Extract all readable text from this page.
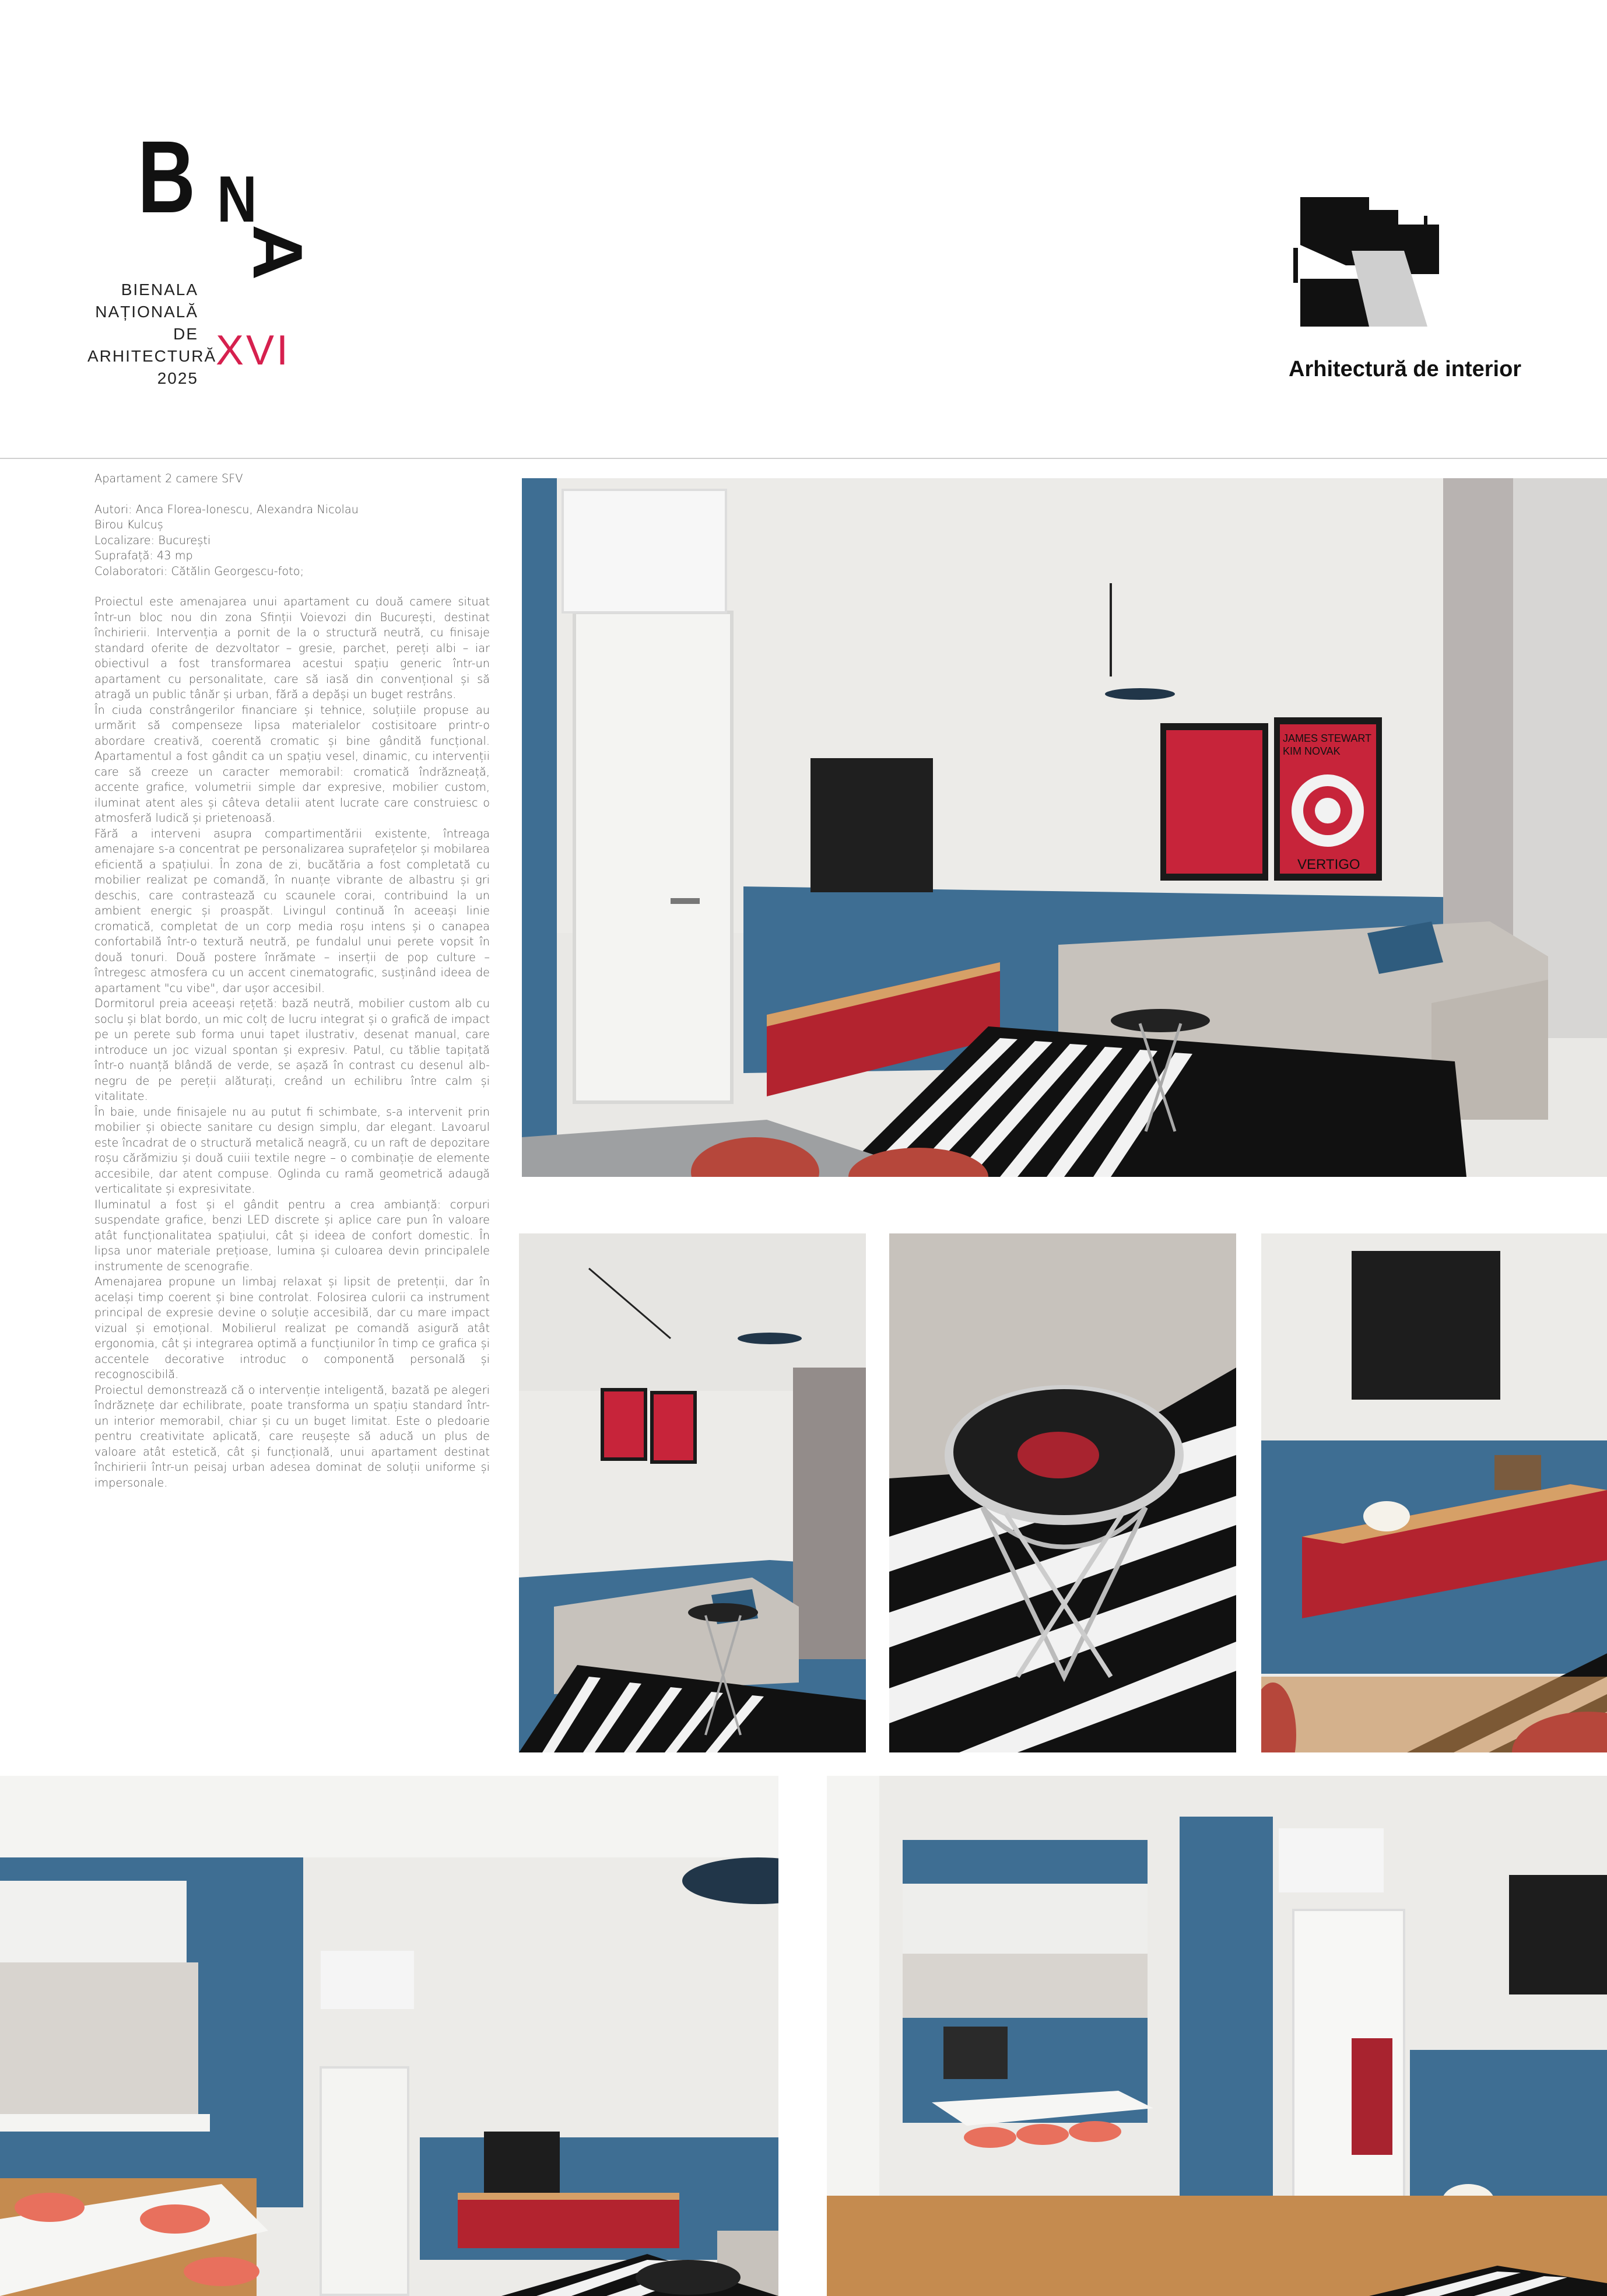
B N
A
BIENALA
NAȚIONALĂ
DE
ARHITECTURĂ
2025
XVI	Arhitectură de interior

Apartament 2 camere SFV

Autori: Anca Florea-Ionescu, Alexandra Nicolau

Birou Kulcuș

Localizare: București

Suprafață: 43 mp

Colaboratori: Cătălin Georgescu-foto;

Proiectul este amenajarea unui apartament cu două camere situat într-un bloc nou din zona Sfinții Voievozi din București, destinat închirierii. Intervenția a pornit de la o structură neutră, cu finisaje standard oferite de dezvoltator – gresie, parchet, pereți albi – iar obiectivul a fost transformarea acestui spațiu generic într-un apartament cu personalitate, care să iasă din convențional și să atragă un public tânăr și urban, fără a depăși un buget restrâns.

În ciuda constrângerilor financiare și tehnice, soluțiile propuse au urmărit să compenseze lipsa materialelor costisitoare printr-o abordare creativă, coerentă cromatic și bine gândită funcțional. Apartamentul a fost gândit ca un spațiu vesel, dinamic, cu intervenții care să creeze un caracter memorabil: cromatică îndrăzneață, accente grafice, volumetrii simple dar expresive, mobilier custom, iluminat atent ales și câteva detalii atent lucrate care construiesc o atmosferă ludică și prietenoasă.

Fără a interveni asupra compartimentării existente, întreaga amenajare s-a concentrat pe personalizarea suprafețelor și mobilarea eficientă a spațiului. În zona de zi, bucătăria a fost completată cu mobilier realizat pe comandă, în nuanțe vibrante de albastru și gri deschis, care contrastează cu scaunele corai, contribuind la un ambient energic și proaspăt. Livingul continuă în aceeași linie cromatică, completat de un corp media roșu intens și o canapea confortabilă într-o textură neutră, pe fundalul unui perete vopsit în două tonuri. Două postere înrămate – inserții de pop culture – întregesc atmosfera cu un accent cinematografic, susținând ideea de apartament "cu vibe", dar ușor accesibil.

Dormitorul preia aceeași rețetă: bază neutră, mobilier custom alb cu soclu și blat bordo, un mic colț de lucru integrat și o grafică de impact pe un perete sub forma unui tapet ilustrativ, desenat manual, care introduce un joc vizual spontan și expresiv. Patul, cu tăblie tapițată într-o nuanță blândă de verde, se așază în contrast cu desenul alb-negru de pe pereții alăturați, creând un echilibru între calm și vitalitate.

În baie, unde finisajele nu au putut fi schimbate, s-a intervenit prin mobilier și obiecte sanitare cu design simplu, dar elegant. Lavoarul este încadrat de o structură metalică neagră, cu un raft de depozitare roșu cărămiziu și două cuiii textile negre – o combinație de elemente accesibile, dar atent compuse. Oglinda cu ramă geometrică adaugă verticalitate și expresivitate.

Iluminatul a fost și el gândit pentru a crea ambianță: corpuri suspendate grafice, benzi LED discrete și aplice care pun în valoare atât funcționalitatea spațiului, cât și ideea de confort domestic. În lipsa unor materiale prețioase, lumina și culoarea devin principalele instrumente de scenografie.

Amenajarea propune un limbaj relaxat și lipsit de pretenții, dar în același timp coerent și bine controlat. Folosirea culorii ca instrument principal de expresie devine o soluție accesibilă, dar cu mare impact vizual și emoțional. Mobilierul realizat pe comandă asigură atât ergonomia, cât și integrarea optimă a funcțiunilor în timp ce grafica și accentele decorative introduc o componentă personală și recognoscibilă.

Proiectul demonstrează că o intervenție inteligentă, bazată pe alegeri îndrăznețe dar echilibrate, poate transforma un spațiu standard într-un interior memorabil, chiar și cu un buget limitat. Este o pledoarie pentru creativitate aplicată, care reușește să aducă un plus de valoare atât estetică, cât și funcțională, unui apartament destinat închirierii într-un peisaj urban adesea dominat de soluții uniforme și impersonale.

JAMES STEWART
KIM NOVAK
VERTIGO
